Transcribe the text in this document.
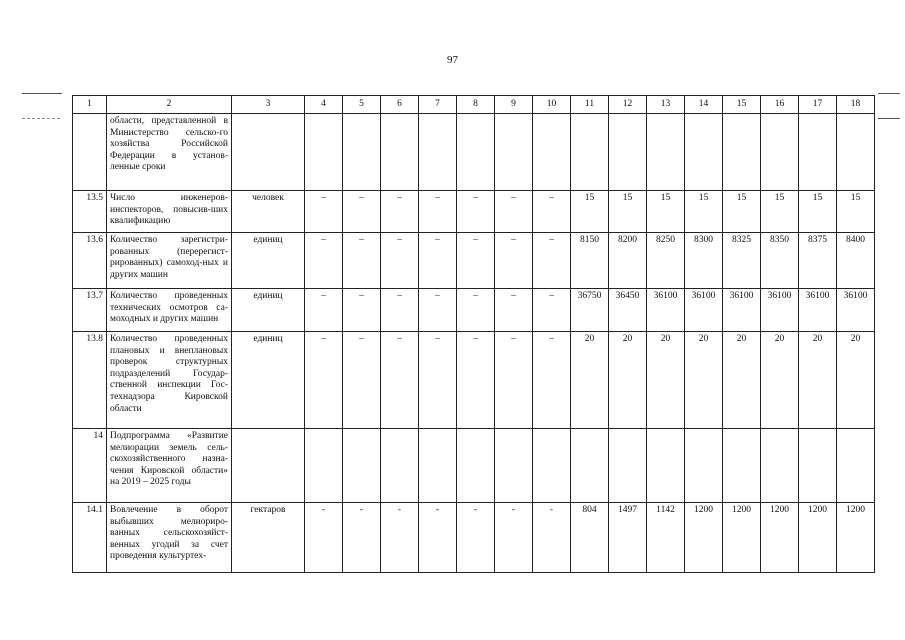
97
1	2	3	4	5	6	7	8	9	10	11	12	13	14	15	16	17	18
	области, представленной в Министерство сельско-го хозяйства Российской Федерации в установ-ленные сроки																
13.5	Число инженеров-инспекторов, повысив-ших квалификацию	человек	–	–	–	–	–	–	–	15	15	15	15	15	15	15	15
13.6	Количество зарегистри-рованных (перерегист-рированных) самоход-ных и других машин	единиц	–	–	–	–	–	–	–	8150	8200	8250	8300	8325	8350	8375	8400
13.7	Количество проведенных технических осмотров са-моходных и других машин	единиц	–	–	–	–	–	–	–	36750	36450	36100	36100	36100	36100	36100	36100
13.8	Количество проведенных плановых и внеплановых проверок структурных подразделений Государ-ственной инспекции Гос-технадзора Кировской области	единиц	–	–	–	–	–	–	–	20	20	20	20	20	20	20	20
14	Подпрограмма «Развитие мелиорации земель сель-скохозяйственного назна-чения Кировской области» на 2019 – 2025 годы																
14.1	Вовлечение в оборот выбывших мелиориро-ванных сельскохозяйст-венных угодий за счет проведения культуртех-	гектаров	-	-	-	-	-	-	-	804	1497	1142	1200	1200	1200	1200	1200
